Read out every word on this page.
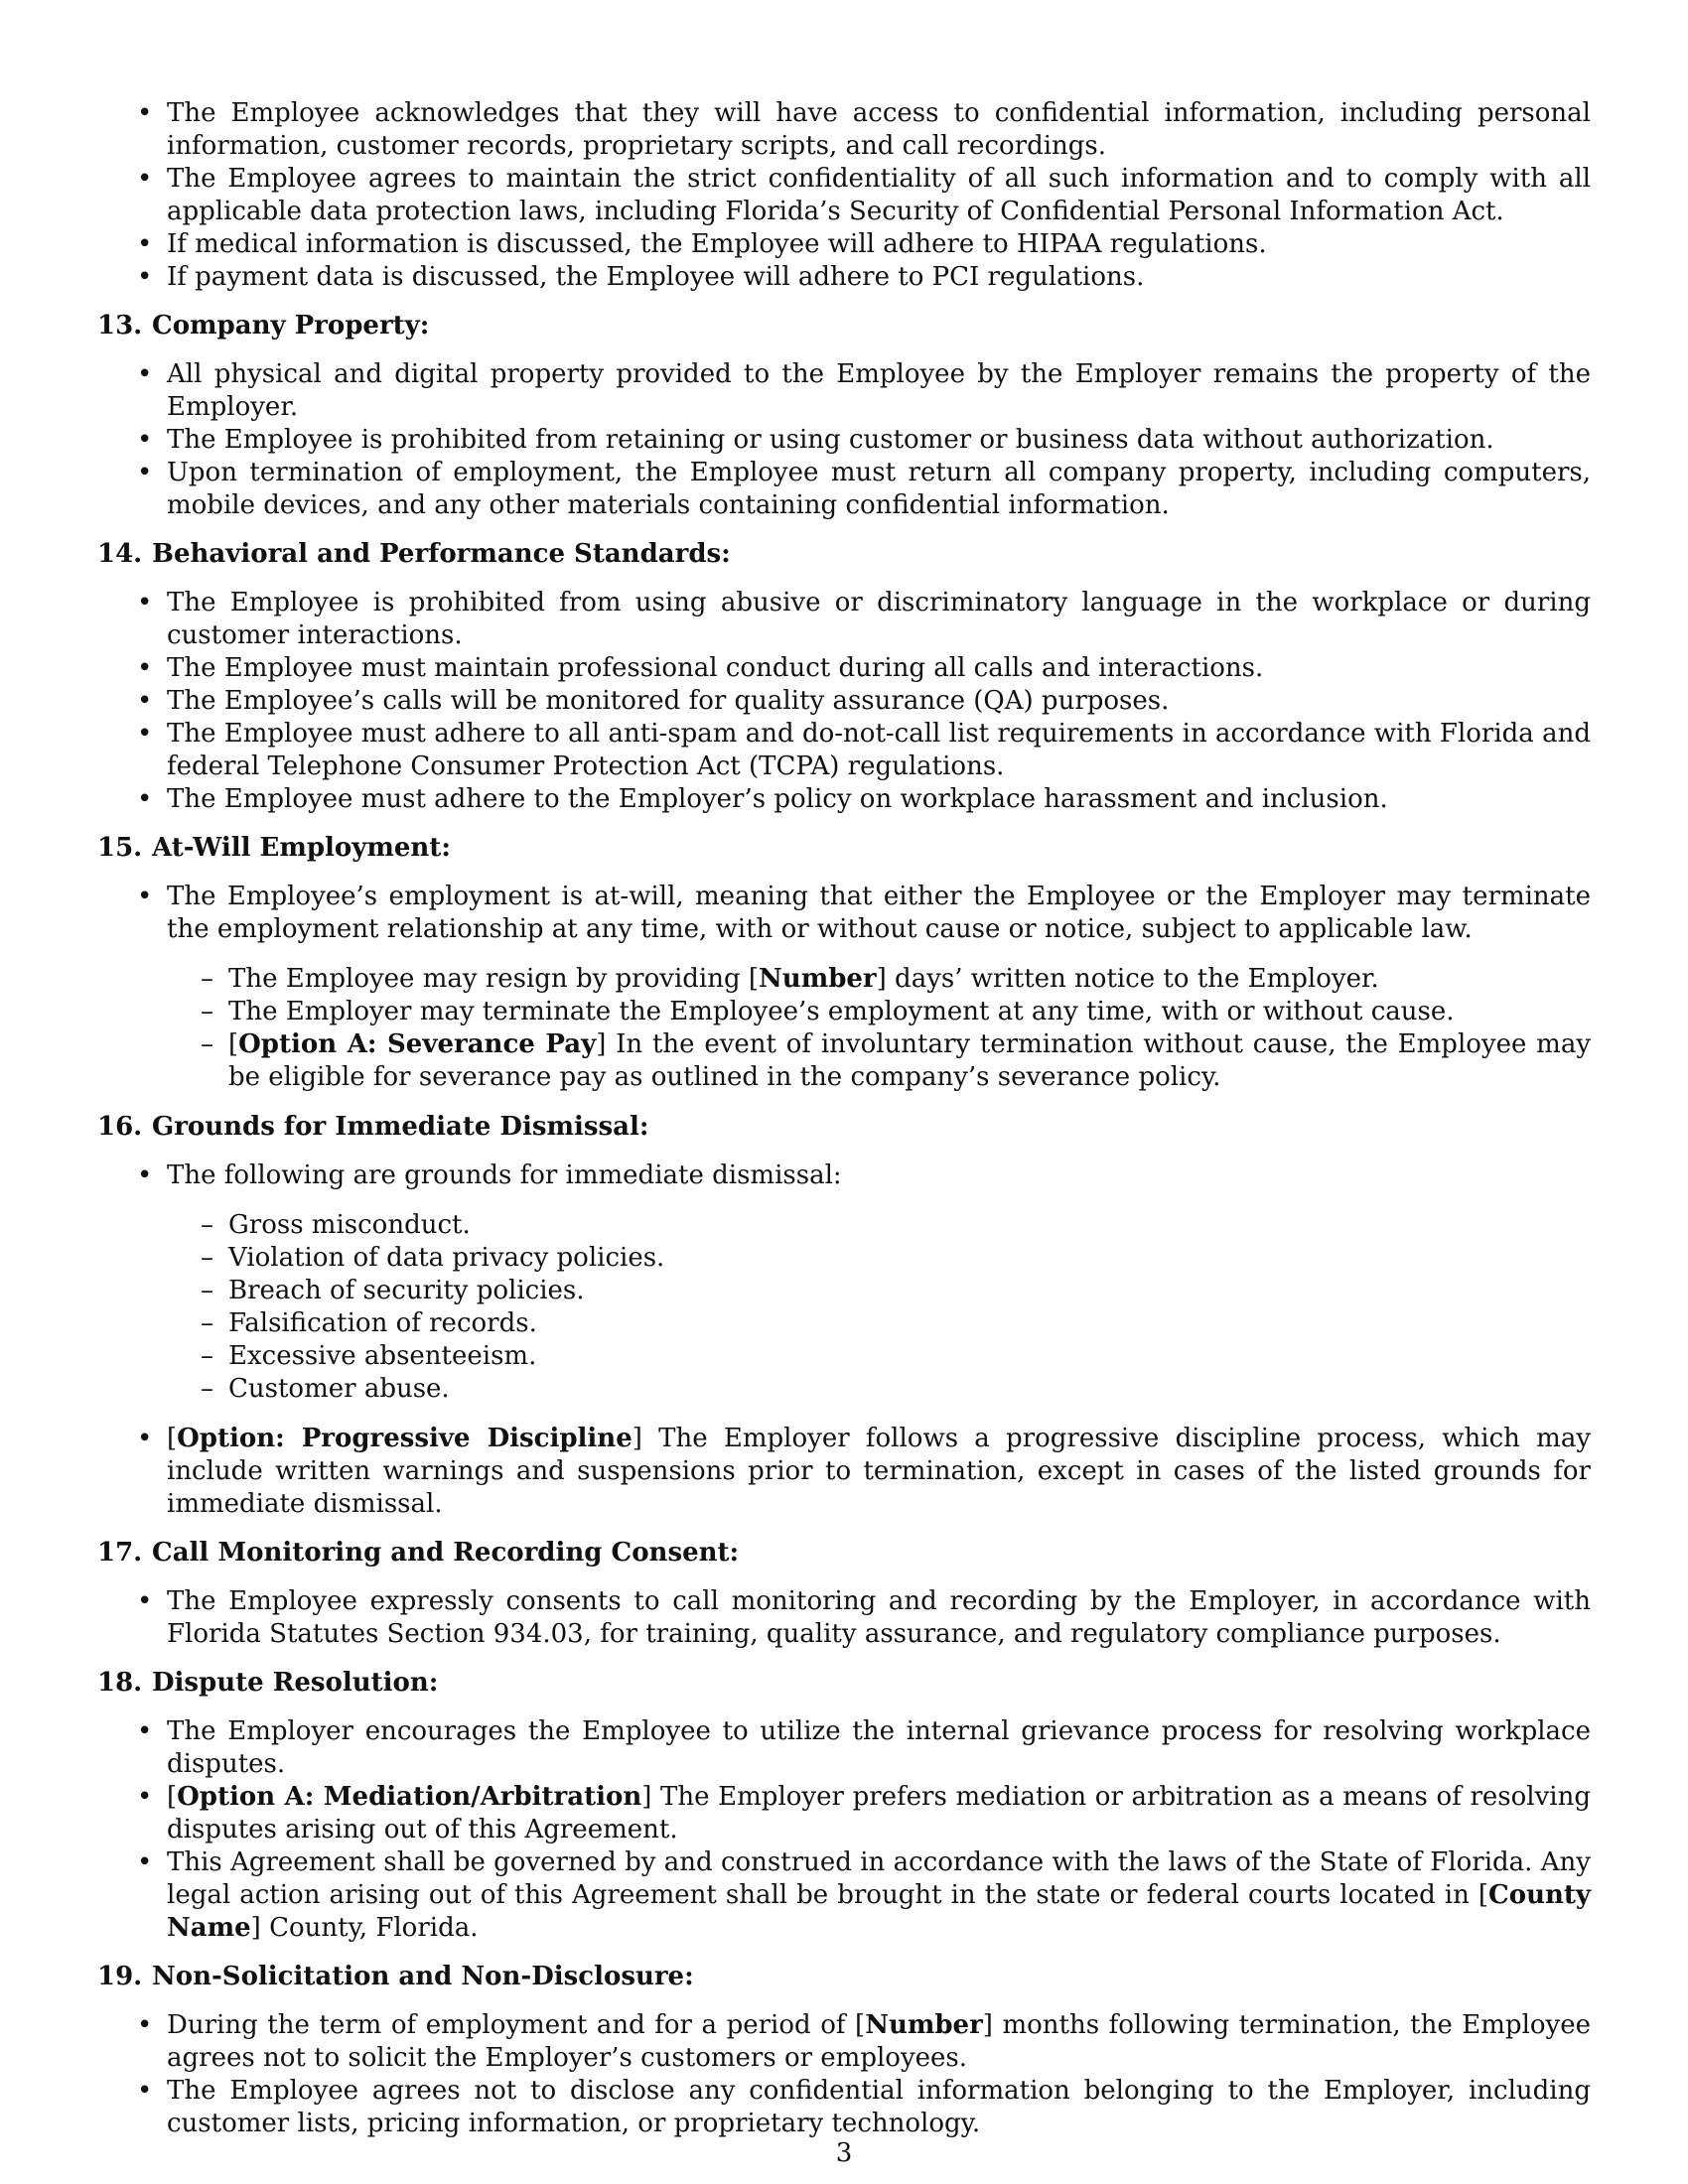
• The Employee acknowledges that they will have access to confidential information, including personal information, customer records, proprietary scripts, and call recordings.
• The Employee agrees to maintain the strict confidentiality of all such information and to comply with all applicable data protection laws, including Florida’s Security of Confidential Personal Information Act.
• If medical information is discussed, the Employee will adhere to HIPAA regulations.
• If payment data is discussed, the Employee will adhere to PCI regulations.
13. Company Property:
• All physical and digital property provided to the Employee by the Employer remains the property of the Employer.
• The Employee is prohibited from retaining or using customer or business data without authorization.
• Upon termination of employment, the Employee must return all company property, including computers, mobile devices, and any other materials containing confidential information.
14. Behavioral and Performance Standards:
• The Employee is prohibited from using abusive or discriminatory language in the workplace or during customer interactions.
• The Employee must maintain professional conduct during all calls and interactions.
• The Employee’s calls will be monitored for quality assurance (QA) purposes.
• The Employee must adhere to all anti-spam and do-not-call list requirements in accordance with Florida and federal Telephone Consumer Protection Act (TCPA) regulations.
• The Employee must adhere to the Employer’s policy on workplace harassment and inclusion.
15. At-Will Employment:
• The Employee’s employment is at-will, meaning that either the Employee or the Employer may terminate the employment relationship at any time, with or without cause or notice, subject to applicable law.
– The Employee may resign by providing [Number] days’ written notice to the Employer.
– The Employer may terminate the Employee’s employment at any time, with or without cause.
– [Option A: Severance Pay] In the event of involuntary termination without cause, the Employee may be eligible for severance pay as outlined in the company’s severance policy.
16. Grounds for Immediate Dismissal:
• The following are grounds for immediate dismissal:
– Gross misconduct.
– Violation of data privacy policies.
– Breach of security policies.
– Falsification of records.
– Excessive absenteeism.
– Customer abuse.
• [Option: Progressive Discipline] The Employer follows a progressive discipline process, which may include written warnings and suspensions prior to termination, except in cases of the listed grounds for immediate dismissal.
17. Call Monitoring and Recording Consent:
• The Employee expressly consents to call monitoring and recording by the Employer, in accordance with Florida Statutes Section 934.03, for training, quality assurance, and regulatory compliance purposes.
18. Dispute Resolution:
• The Employer encourages the Employee to utilize the internal grievance process for resolving workplace disputes.
• [Option A: Mediation/Arbitration] The Employer prefers mediation or arbitration as a means of resolving disputes arising out of this Agreement.
• This Agreement shall be governed by and construed in accordance with the laws of the State of Florida. Any legal action arising out of this Agreement shall be brought in the state or federal courts located in [County Name] County, Florida.
19. Non-Solicitation and Non-Disclosure:
• During the term of employment and for a period of [Number] months following termination, the Employee agrees not to solicit the Employer’s customers or employees.
• The Employee agrees not to disclose any confidential information belonging to the Employer, including customer lists, pricing information, or proprietary technology.
3
